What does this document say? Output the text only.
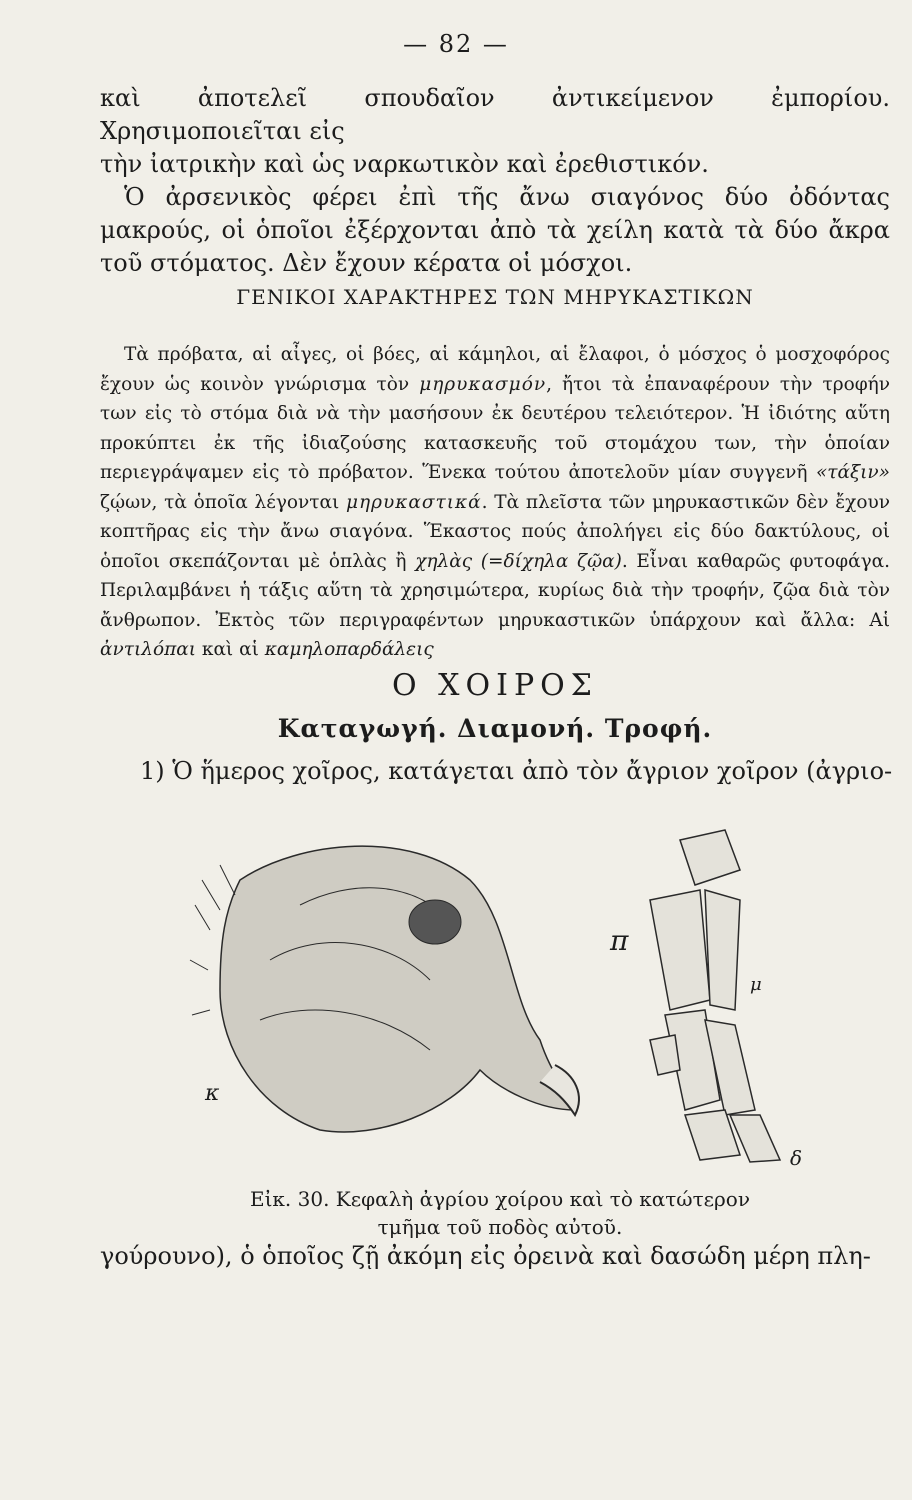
— 82 —

καὶ ἀποτελεῖ σπουδαῖον ἀντικείμενον ἐμπορίου. Χρησιμοποιεῖται εἰς

τὴν ἰατρικὴν καὶ ὡς ναρκωτικὸν καὶ ἐρεθιστικόν.

Ὁ ἀρσενικὸς φέρει ἐπὶ τῆς ἄνω σιαγόνος δύο ὀδόντας μακρούς, οἱ ὁποῖοι ἐξέρχονται ἀπὸ τὰ χείλη κατὰ τὰ δύο ἄκρα τοῦ στόματος. Δὲν ἔχουν κέρατα οἱ μόσχοι.

ΓΕΝΙΚΟΙ ΧΑΡΑΚΤΗΡΕΣ ΤΩΝ ΜΗΡΥΚΑΣΤΙΚΩΝ
Τὰ πρόβατα, αἱ αἶγες, οἱ βόες, αἱ κάμηλοι, αἱ ἔλαφοι, ὁ μόσχος ὁ μοσχοφόρος ἔχουν ὡς κοινὸν γνώρισμα τὸν μηρυκασμόν, ἤτοι τὰ ἐπαναφέρουν τὴν τροφήν των εἰς τὸ στόμα διὰ νὰ τὴν μασήσουν ἐκ δευτέρου τελειότερον. Ἡ ἰδιότης αὕτη προκύπτει ἐκ τῆς ἰδιαζούσης κατασκευῆς τοῦ στομάχου των, τὴν ὁποίαν περιεγράψαμεν εἰς τὸ πρόβατον. Ἕνεκα τούτου ἀποτελοῦν μίαν συγγενῆ «τάξιν» ζῴων, τὰ ὁποῖα λέγονται μηρυκαστικά. Τὰ πλεῖστα τῶν μηρυκαστικῶν δὲν ἔχουν κοπτῆρας εἰς τὴν ἄνω σιαγόνα. Ἕκαστος πούς ἀπολήγει εἰς δύο δακτύλους, οἱ ὁποῖοι σκεπάζονται μὲ ὁπλὰς ἢ χηλὰς (=δίχηλα ζῷα). Εἶναι καθαρῶς φυτοφάγα. Περιλαμβάνει ἡ τάξις αὕτη τὰ χρησιμώτερα, κυρίως διὰ τὴν τροφήν, ζῷα διὰ τὸν ἄνθρωπον. Ἐκτὸς τῶν περιγραφέντων μηρυκαστικῶν ὑπάρχουν καὶ ἄλλα: Αἱ ἀντιλόπαι καὶ αἱ καμηλοπαρδάλεις
Ο ΧΟΙΡΟΣ
Καταγωγή. Διαμονή. Τροφή.
1) Ὁ ἥμερος χοῖρος, κατάγεται ἀπὸ τὸν ἄγριον χοῖρον (ἀγριο-
π
μ
κ
δ
Εἰκ. 30. Κεφαλὴ ἀγρίου χοίρου καὶ τὸ κατώτερον
τμῆμα τοῦ ποδὸς αὐτοῦ.
γούρουνο), ὁ ὁποῖος ζῇ ἀκόμη εἰς ὀρεινὰ καὶ δασώδη μέρη πλη-
